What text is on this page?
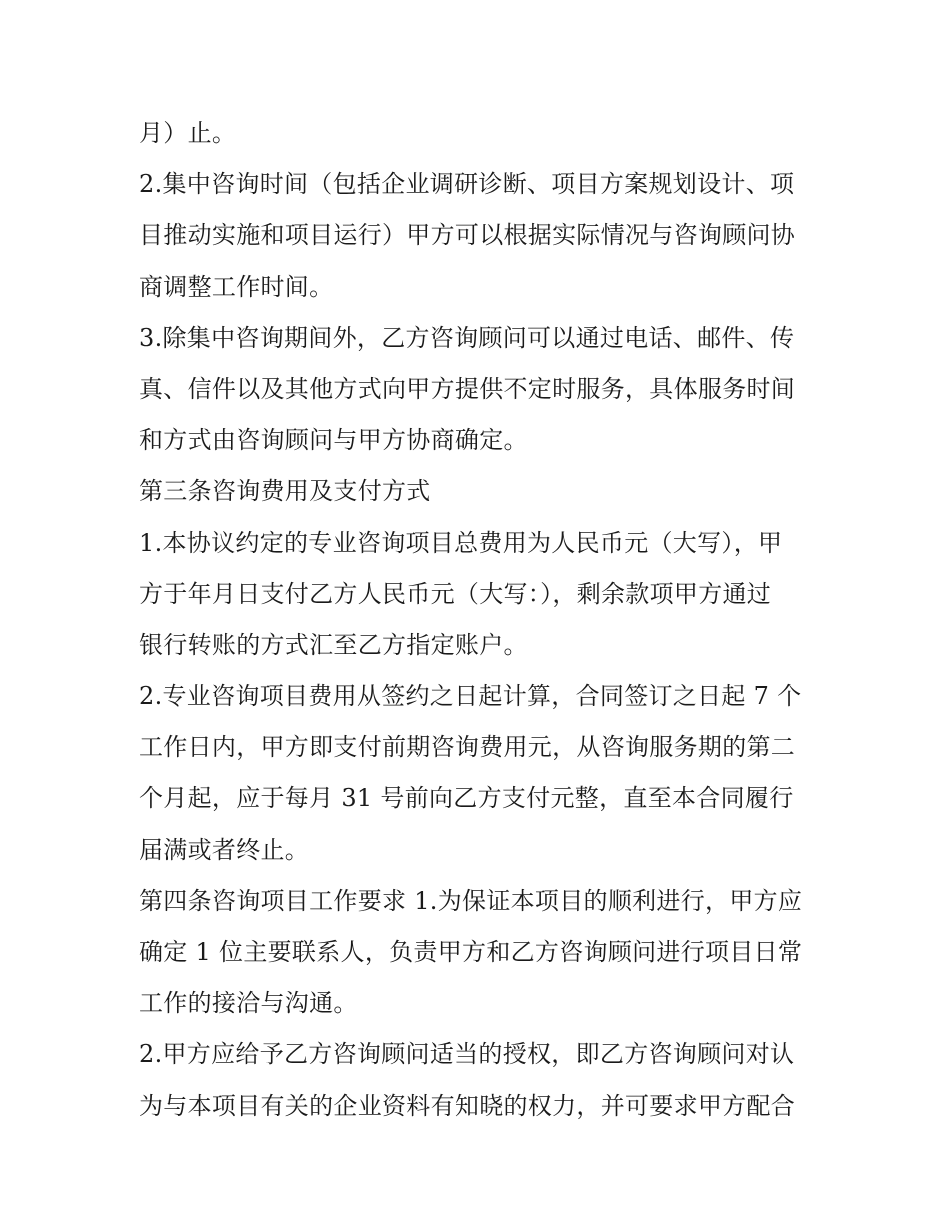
月）止。
2.集中咨询时间（包括企业调研诊断、项目方案规划设计、项
目推动实施和项目运行）甲方可以根据实际情况与咨询顾问协
商调整工作时间。
3.除集中咨询期间外，乙方咨询顾问可以通过电话、邮件、传
真、信件以及其他方式向甲方提供不定时服务，具体服务时间
和方式由咨询顾问与甲方协商确定。
第三条咨询费用及支付方式
1.本协议约定的专业咨询项目总费用为人民币元（大写），甲
方于年月日支付乙方人民币元（大写：），剩余款项甲方通过
银行转账的方式汇至乙方指定账户。
2.专业咨询项目费用从签约之日起计算，合同签订之日起 7 个
工作日内，甲方即支付前期咨询费用元，从咨询服务期的第二
个月起，应于每月 31 号前向乙方支付元整，直至本合同履行
届满或者终止。
第四条咨询项目工作要求 1.为保证本项目的顺利进行，甲方应
确定 1 位主要联系人，负责甲方和乙方咨询顾问进行项目日常
工作的接洽与沟通。
2.甲方应给予乙方咨询顾问适当的授权，即乙方咨询顾问对认
为与本项目有关的企业资料有知晓的权力，并可要求甲方配合
